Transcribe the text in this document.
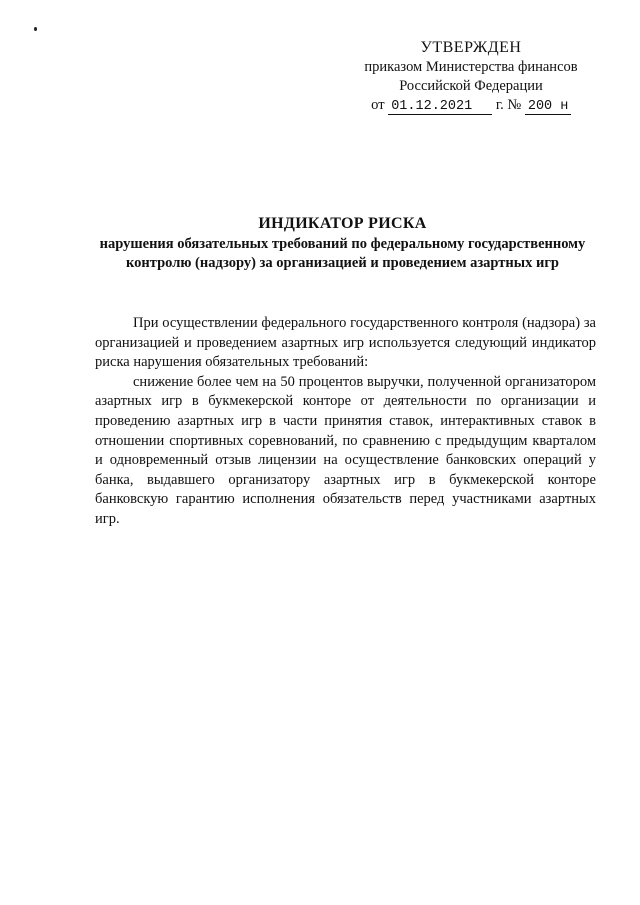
УТВЕРЖДЕН
приказом Министерства финансов
Российской Федерации
от 01.12.2021 г. № 200 н
ИНДИКАТОР РИСКА
нарушения обязательных требований по федеральному государственному контролю (надзору) за организацией и проведением азартных игр

При осуществлении федерального государственного контроля (надзора) за организацией и проведением азартных игр используется следующий индикатор риска нарушения обязательных требований:

снижение более чем на 50 процентов выручки, полученной организатором азартных игр в букмекерской конторе от деятельности по организации и проведению азартных игр в части принятия ставок, интерактивных ставок в отношении спортивных соревнований, по сравнению с предыдущим кварталом и одновременный отзыв лицензии на осуществление банковских операций у банка, выдавшего организатору азартных игр в букмекерской конторе банковскую гарантию исполнения обязательств перед участниками азартных игр.
